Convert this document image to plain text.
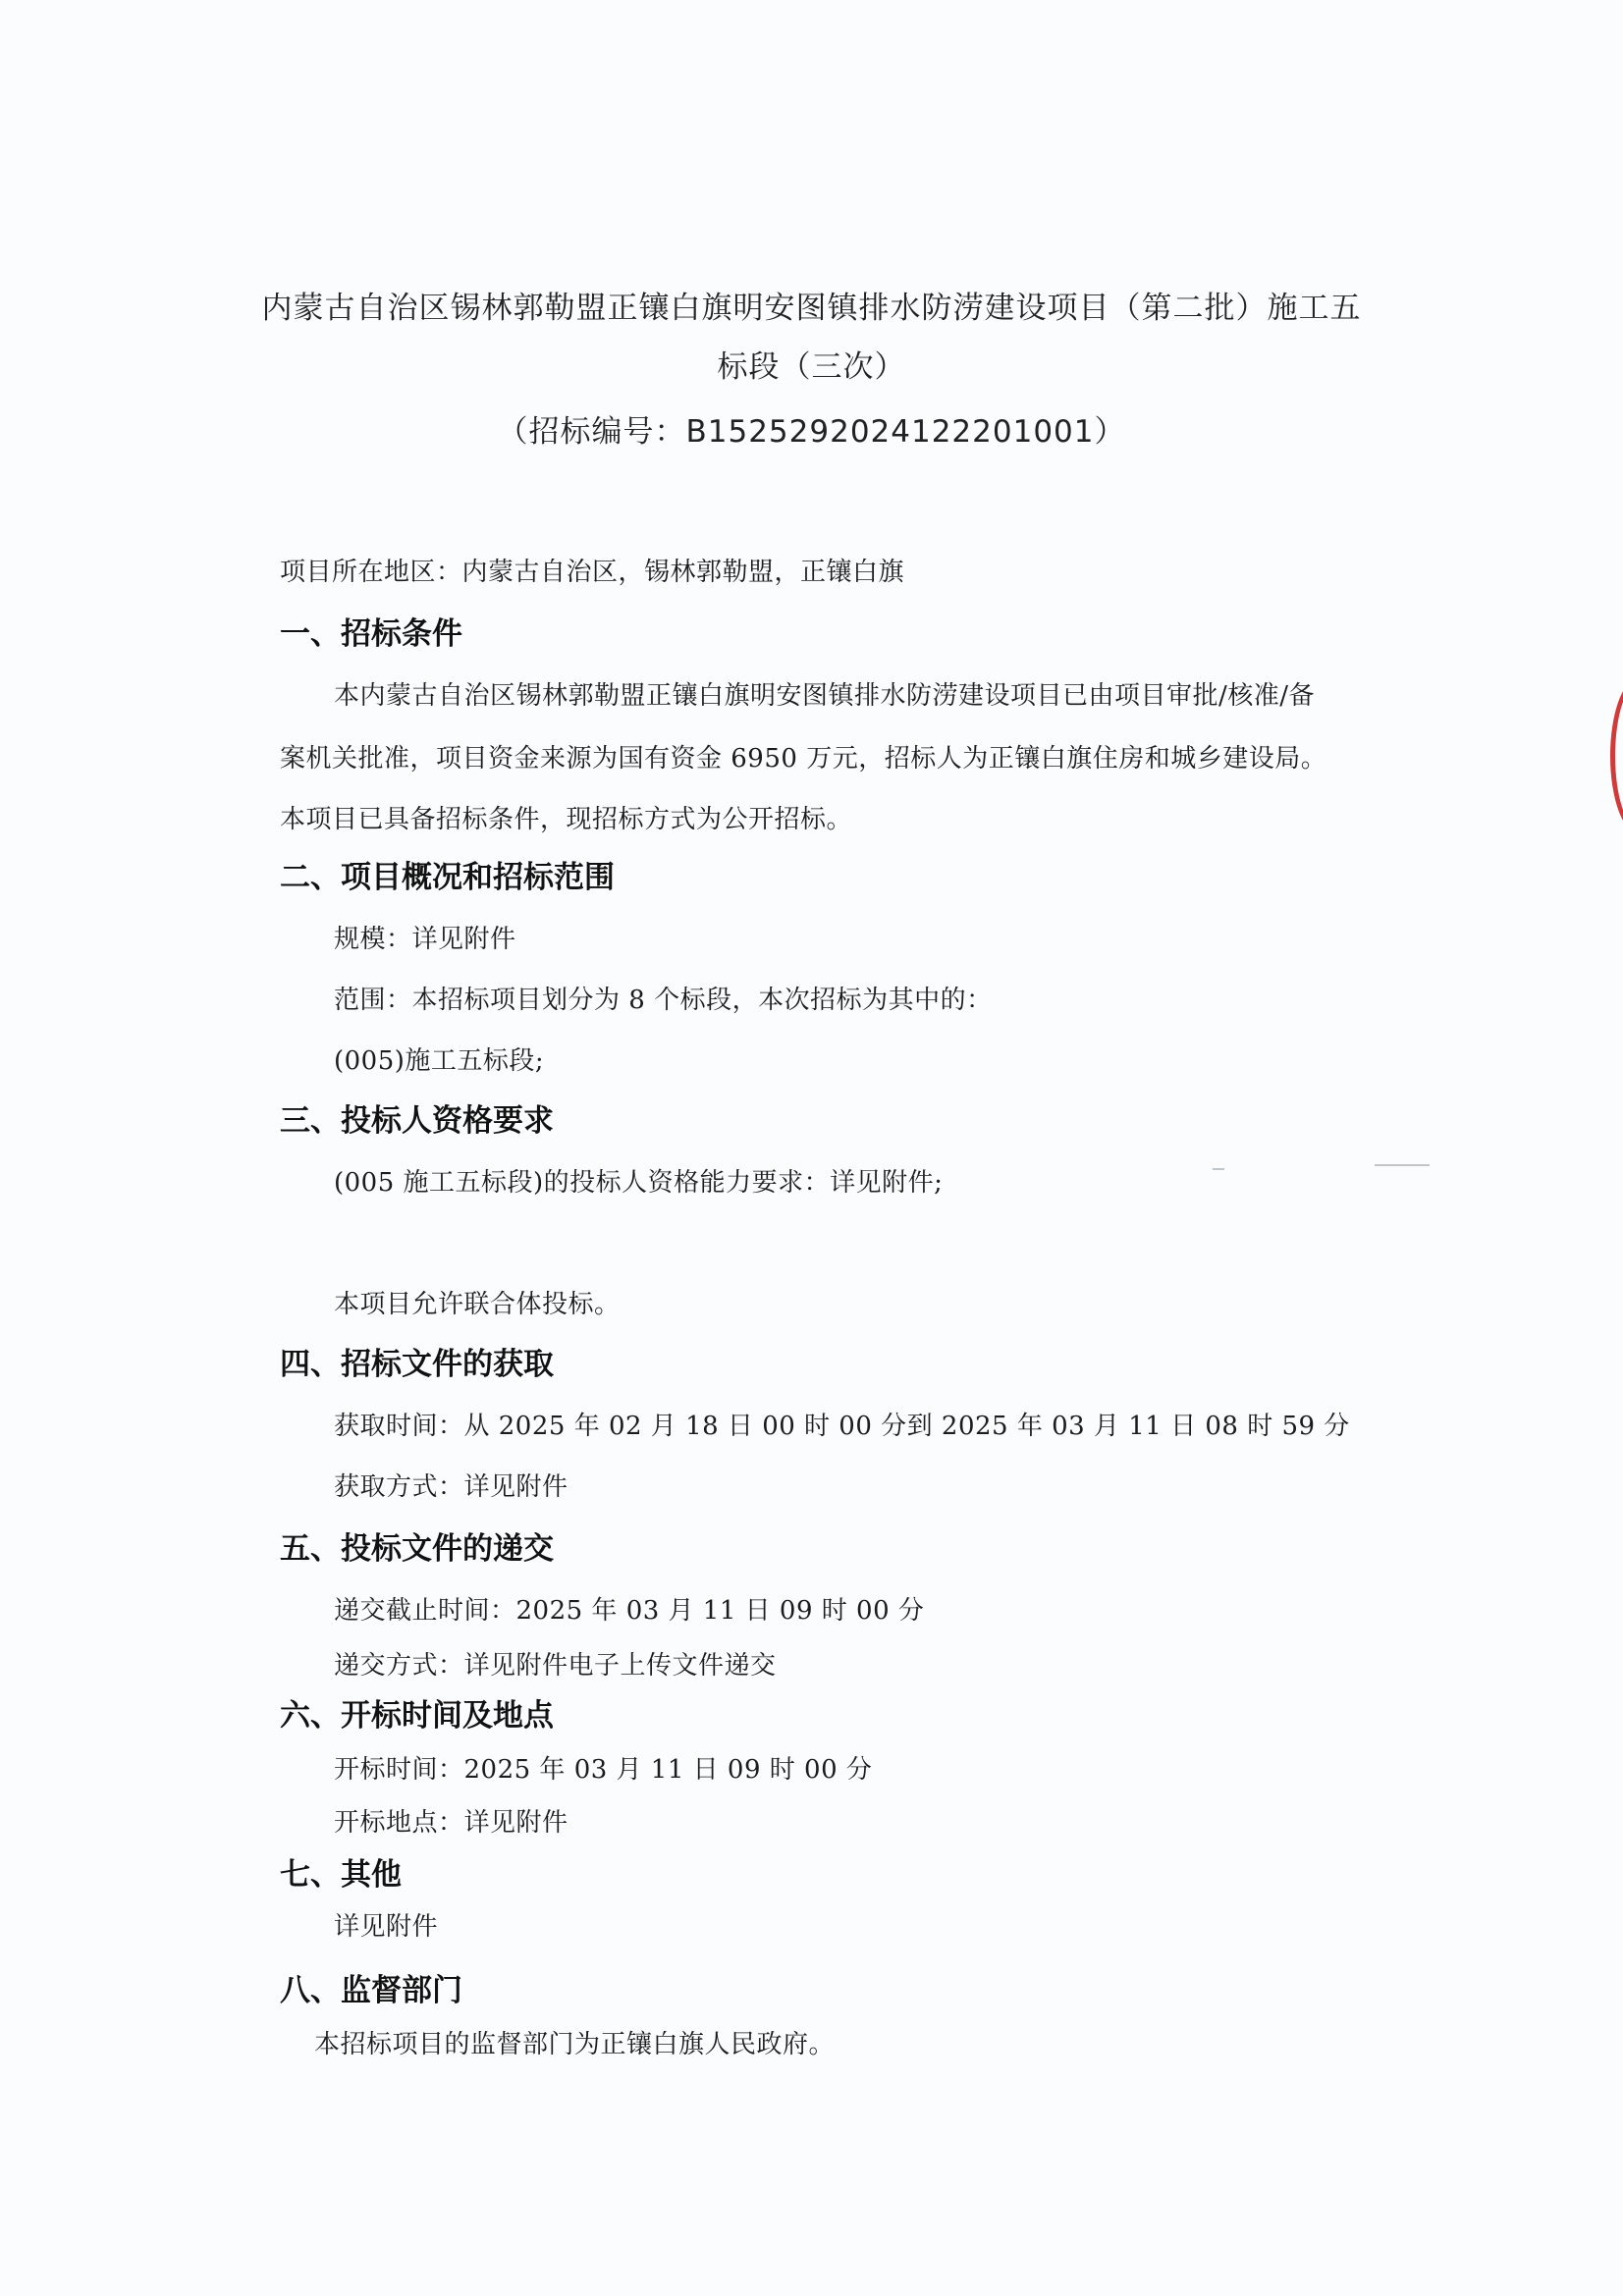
内蒙古自治区锡林郭勒盟正镶白旗明安图镇排水防涝建设项目（第二批）施工五
标段（三次）
（招标编号：B1525292024122201001）
项目所在地区：内蒙古自治区，锡林郭勒盟，正镶白旗
一、招标条件
本内蒙古自治区锡林郭勒盟正镶白旗明安图镇排水防涝建设项目已由项目审批/核准/备
案机关批准，项目资金来源为国有资金 6950 万元，招标人为正镶白旗住房和城乡建设局。
本项目已具备招标条件，现招标方式为公开招标。
二、项目概况和招标范围
规模：详见附件
范围：本招标项目划分为 8 个标段，本次招标为其中的：
(005)施工五标段;
三、投标人资格要求
(005 施工五标段)的投标人资格能力要求：详见附件;
本项目允许联合体投标。
四、招标文件的获取
获取时间：从 2025 年 02 月 18 日 00 时 00 分到 2025 年 03 月 11 日 08 时 59 分
获取方式：详见附件
五、投标文件的递交
递交截止时间：2025 年 03 月 11 日 09 时 00 分
递交方式：详见附件电子上传文件递交
六、开标时间及地点
开标时间：2025 年 03 月 11 日 09 时 00 分
开标地点：详见附件
七、其他
详见附件
八、监督部门
本招标项目的监督部门为正镶白旗人民政府。
